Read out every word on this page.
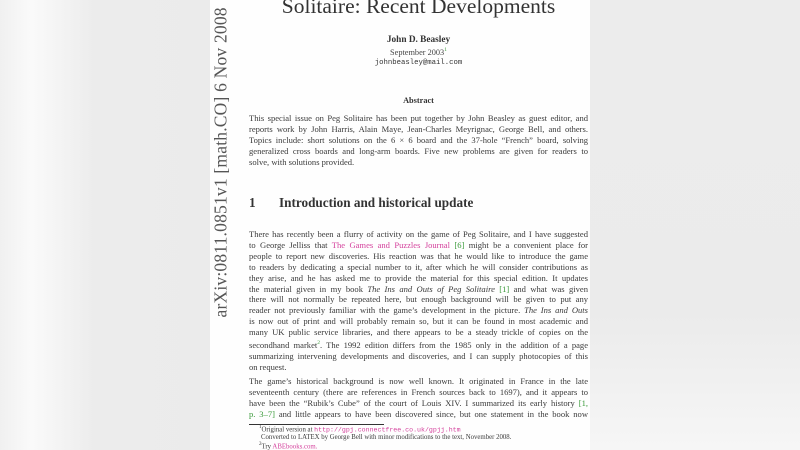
arXiv:0811.0851v1 [math.CO] 6 Nov 2008
Solitaire: Recent Developments
John D. Beasley
September 2003$^1$
johnbeasley@mail.com
Abstract
This special issue on Peg Solitaire has been put together by John Beasley as guest editor, and
reports work by John Harris, Alain Maye, Jean-Charles Meyrignac, George Bell, and others.
Topics include: short solutions on the 6 × 6 board and the 37-hole “French” board, solving
generalized cross boards and long-arm boards. Five new problems are given for readers to
solve, with solutions provided.
1 Introduction and historical update
There has recently been a flurry of activity on the game of Peg Solitaire, and I have suggested
to George Jelliss that The Games and Puzzles Journal [6] might be a convenient place for
people to report new discoveries. His reaction was that he would like to introduce the game
to readers by dedicating a special number to it, after which he will consider contributions as
they arise, and he has asked me to provide the material for this special edition. It updates
the material given in my book The Ins and Outs of Peg Solitaire [1] and what was given
there will not normally be repeated here, but enough background will be given to put any
reader not previously familiar with the game’s development in the picture. The Ins and Outs
is now out of print and will probably remain so, but it can be found in most academic and
many UK public service libraries, and there appears to be a steady trickle of copies on the
secondhand market$^2$. The 1992 edition differs from the 1985 only in the addition of a page
summarizing intervening developments and discoveries, and I can supply photocopies of this
on request.
The game’s historical background is now well known. It originated in France in the late
seventeenth century (there are references in French sources back to 1697), and it appears to
have been the “Rubik’s Cube” of the court of Louis XIV. I summarized its early history [1,
p. 3–7] and little appears to have been discovered since, but one statement in the book now
$^1$Original version at http://gpj.connectfree.co.uk/gpjj.htm
Converted to LATEX by George Bell with minor modifications to the text, November 2008.
$^2$Try ABEbooks.com.
